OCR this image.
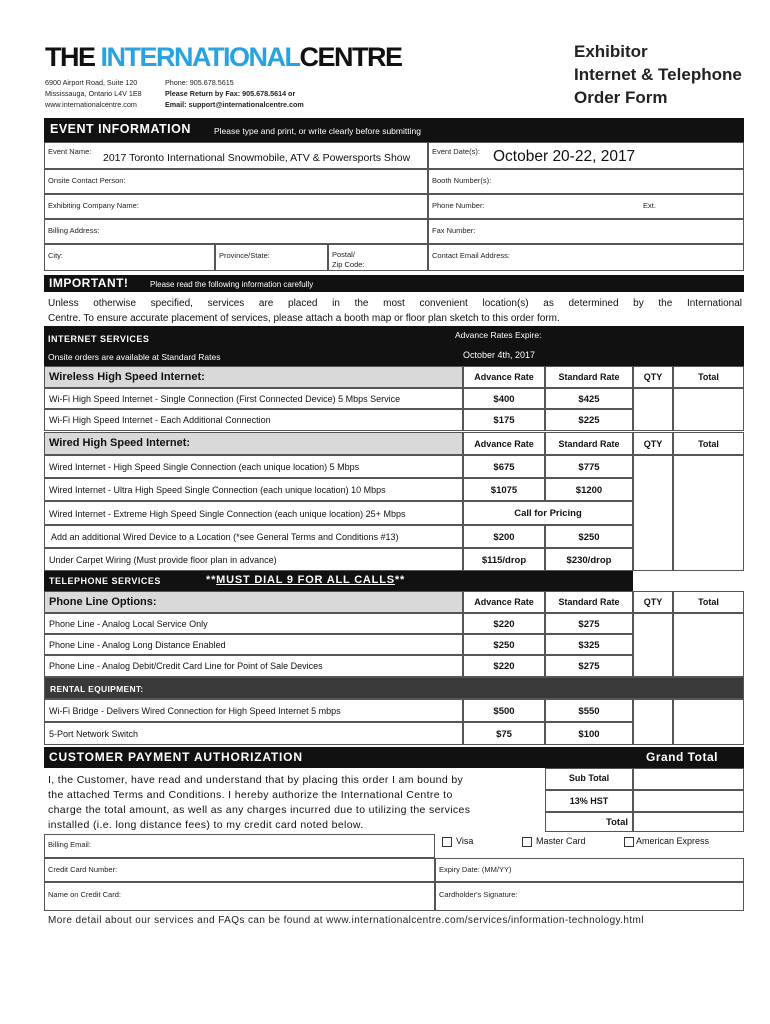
THE INTERNATIONALCENTRE
6900 Airport Road, Suite 120
Mississauga, Ontario L4V 1E8
www.internationalcentre.com
Phone: 905.678.5615
Please Return by Fax: 905.678.5614 or
Email: support@internationalcentre.com
Exhibitor
Internet & Telephone
Order Form
EVENT INFORMATION	Please type and print, or write clearly before submitting
Event Name:
2017 Toronto International Snowmobile, ATV & Powersports Show
Event Date(s): October 20-22, 2017
Onsite Contact Person:	Booth Number(s):
Exhibiting Company Name:	Phone Number:	Ext.
Billing Address:	Fax Number:
City:	Province/State:	Postal/
Zip Code:
Contact Email Address:
IMPORTANT!	Please read the following information carefully
Unless otherwise specified, services are placed in the most convenient location(s) as determined by the International
Centre. To ensure accurate placement of services, please attach a booth map or floor plan sketch to this order form.
INTERNET SERVICES
Onsite orders are available at Standard Rates
Advance Rates Expire:
October 4th, 2017
Wireless High Speed Internet:	Advance Rate	Standard Rate	QTY	Total
Wi-Fi High Speed Internet - Single Connection (First Connected Device) 5 Mbps Service	$400	$425
Wi-Fi High Speed Internet - Each Additional Connection	$175	$225
Wired High Speed Internet:	Advance Rate	Standard Rate	QTY	Total
Wired Internet - High Speed Single Connection (each unique location) 5 Mbps	$675	$775
Wired Internet - Ultra High Speed Single Connection (each unique location) 10 Mbps	$1075	$1200
Wired Internet - Extreme High Speed Single Connection (each unique location) 25+ Mbps	Call for Pricing
Add an additional Wired Device to a Location (*see General Terms and Conditions #13)	$200	$250
Under Carpet Wiring (Must provide floor plan in advance)	$115/drop	$230/drop
TELEPHONE SERVICES	**MUST DIAL 9 FOR ALL CALLS**
Phone Line Options:	Advance Rate	Standard Rate	QTY	Total
Phone Line - Analog Local Service Only	$220	$275
Phone Line - Analog Long Distance Enabled	$250	$325
Phone Line - Analog Debit/Credit Card Line for Point of Sale Devices	$220	$275
RENTAL EQUIPMENT:
Wi-Fi Bridge - Delivers Wired Connection for High Speed Internet 5 mbps	$500	$550
5-Port Network Switch	$75	$100
CUSTOMER PAYMENT AUTHORIZATION	Grand Total
I, the Customer, have read and understand that by placing this order I am bound by
the attached Terms and Conditions. I hereby authorize the International Centre to
charge the total amount, as well as any charges incurred due to utilizing the services
installed (i.e. long distance fees) to my credit card noted below.
Sub Total
13% HST
Total
Billing Email:	Visa	Master Card	American Express
Credit Card Number:	Expiry Date: (MM/YY)
Name on Credit Card:	Cardholder's Signature:
More detail about our services and FAQs can be found at www.internationalcentre.com/services/information-technology.html
